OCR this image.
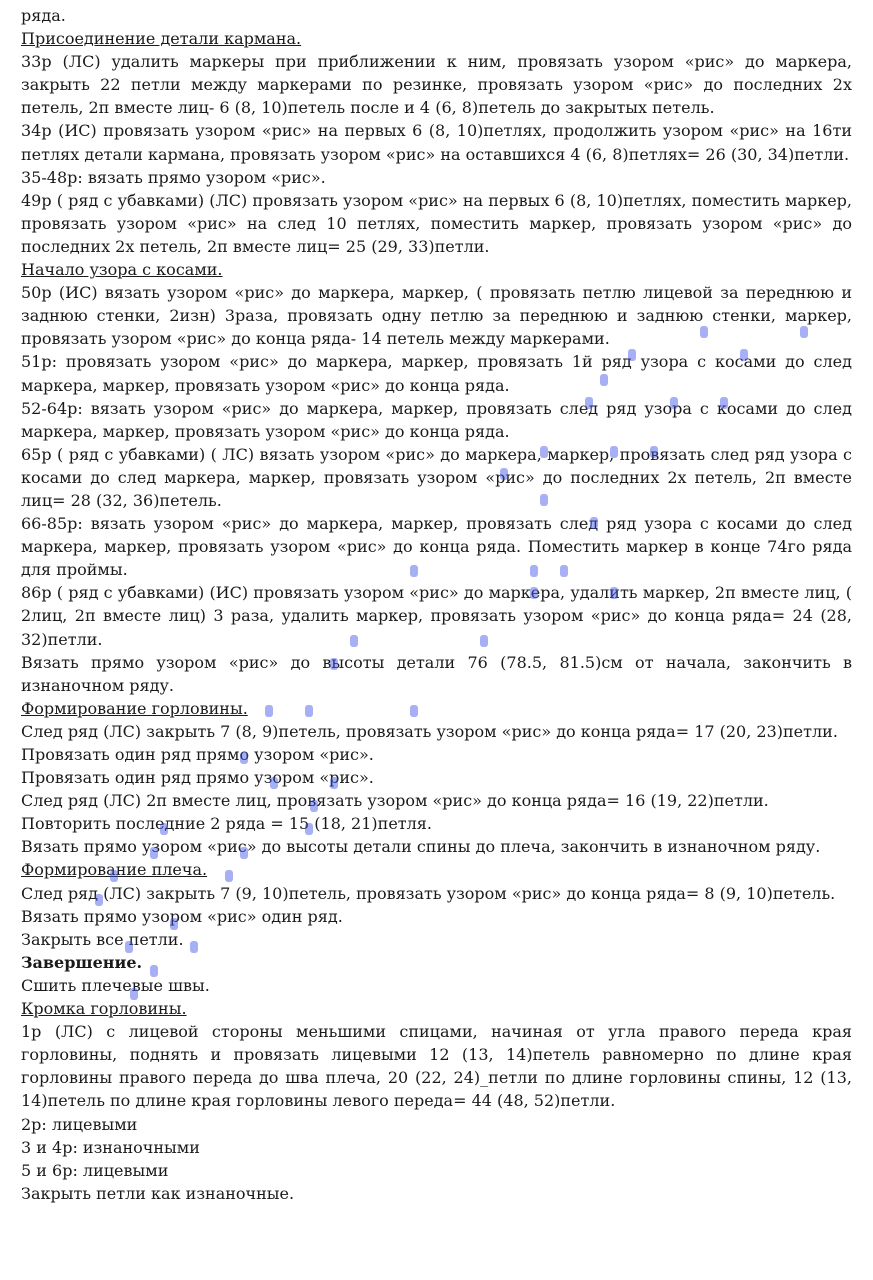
ряда.
Присоединение детали кармана.
33р (ЛС) удалить маркеры при приближении к ним, провязать узором «рис» до маркера, закрыть 22 петли между маркерами по резинке, провязать узором «рис» до последних 2х петель, 2п вместе лиц- 6 (8, 10)петель после и 4 (6, 8)петель до закрытых петель.
34р (ИС) провязать узором «рис» на первых 6 (8, 10)петлях, продолжить узором «рис» на 16ти петлях детали кармана, провязать узором «рис» на оставшихся 4 (6, 8)петлях= 26 (30, 34)петли.
35-48р: вязать прямо узором «рис».
49р ( ряд с убавками) (ЛС) провязать узором «рис» на первых 6 (8, 10)петлях, поместить маркер, провязать узором «рис» на след 10 петлях, поместить маркер, провязать узором «рис» до последних 2х петель, 2п вместе лиц= 25 (29, 33)петли.
Начало узора с косами.
50р (ИС) вязать узором «рис» до маркера, маркер, ( провязать петлю лицевой за переднюю и заднюю стенки, 2изн) 3раза, провязать одну петлю за переднюю и заднюю стенки, маркер, провязать узором «рис» до конца ряда- 14 петель между маркерами.
51р: провязать узором «рис» до маркера, маркер, провязать 1й ряд узора с косами до след маркера, маркер, провязать узором «рис» до конца ряда.
52-64р: вязать узором «рис» до маркера, маркер, провязать след ряд узора с косами до след маркера, маркер, провязать узором «рис» до конца ряда.
65р ( ряд с убавками) ( ЛС) вязать узором «рис» до маркера, маркер, провязать след ряд узора с косами до след маркера, маркер, провязать узором «рис» до последних 2х петель, 2п вместе лиц= 28 (32, 36)петель.
66-85р: вязать узором «рис» до маркера, маркер, провязать след ряд узора с косами до след маркера, маркер, провязать узором «рис» до конца ряда. Поместить маркер в конце 74го ряда для проймы.
86р ( ряд с убавками) (ИС) провязать узором «рис» до маркера, удалить маркер, 2п вместе лиц, ( 2лиц, 2п вместе лиц) 3 раза, удалить маркер, провязать узором «рис» до конца ряда= 24 (28, 32)петли.
Вязать прямо узором «рис» до высоты детали 76 (78.5, 81.5)см от начала, закончить в изнаночном ряду.
Формирование горловины.
След ряд (ЛС) закрыть 7 (8, 9)петель, провязать узором «рис» до конца ряда= 17 (20, 23)петли.
Провязать один ряд прямо узором «рис».
Провязать один ряд прямо узором «рис».
След ряд (ЛС) 2п вместе лиц, провязать узором «рис» до конца ряда= 16 (19, 22)петли.
Повторить последние 2 ряда = 15 (18, 21)петля.
Вязать прямо узором «рис» до высоты детали спины до плеча, закончить в изнаночном ряду.
Формирование плеча.
След ряд (ЛС) закрыть 7 (9, 10)петель, провязать узором «рис» до конца ряда= 8 (9, 10)петель.
Вязать прямо узором «рис» один ряд.
Закрыть все петли.
Завершение.
Сшить плечевые швы.
Кромка горловины.
1р (ЛС) с лицевой стороны меньшими спицами, начиная от угла правого переда края горловины, поднять и провязать лицевыми 12 (13, 14)петель равномерно по длине края горловины правого переда до шва плеча, 20 (22, 24)_петли по длине горловины спины, 12 (13, 14)петель по длине края горловины левого переда= 44 (48, 52)петли.
2р: лицевыми
3 и 4р: изнаночными
5 и 6р: лицевыми
Закрыть петли как изнаночные.
